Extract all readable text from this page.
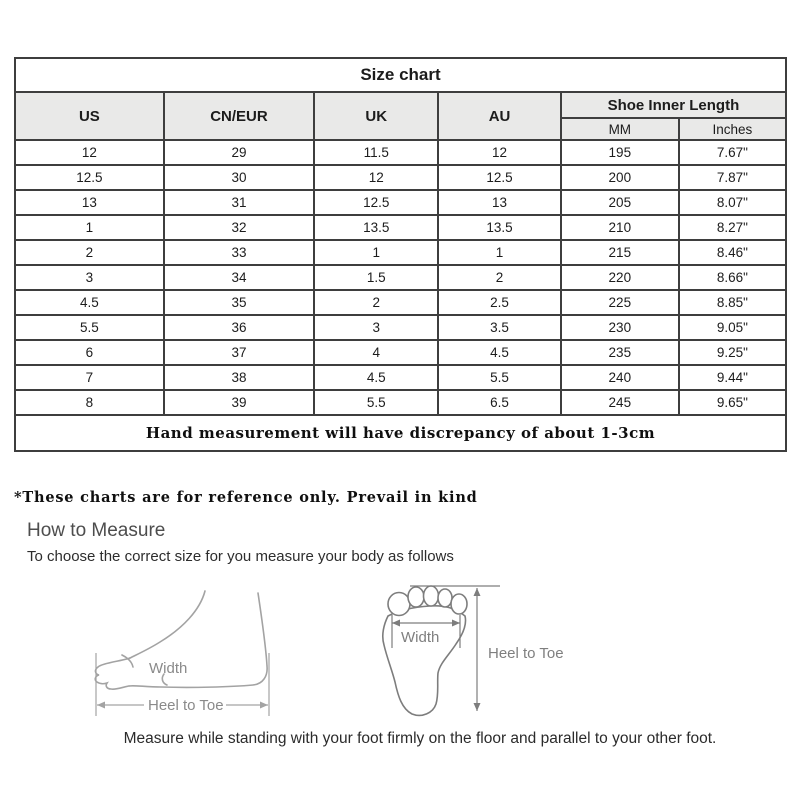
Size chart					
US	CN/EUR	UK	AU	Shoe Inner Length	
				MM	Inches
12	29	11.5	12	195	7.67"
12.5	30	12	12.5	200	7.87"
13	31	12.5	13	205	8.07"
1	32	13.5	13.5	210	8.27"
2	33	1	1	215	8.46"
3	34	1.5	2	220	8.66"
4.5	35	2	2.5	225	8.85"
5.5	36	3	3.5	230	9.05"
6	37	4	4.5	235	9.25"
7	38	4.5	5.5	240	9.44"
8	39	5.5	6.5	245	9.65"
Hand measurement will have discrepancy of about 1-3cm					
*These charts are for reference only. Prevail in kind
How to Measure
To choose the correct size for you measure your body as follows
Width
Heel to Toe
Width
Heel to Toe
Measure while standing with your foot firmly on the floor and parallel to your other foot.
